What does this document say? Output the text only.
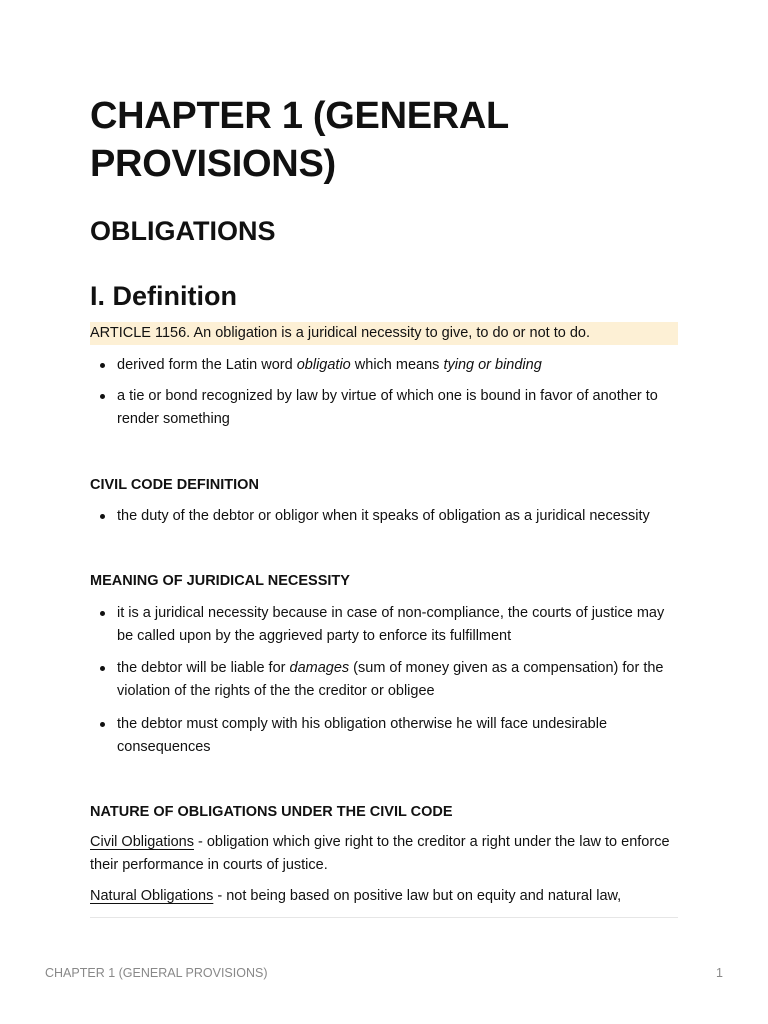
CHAPTER 1 (GENERAL PROVISIONS)
OBLIGATIONS
I. Definition
ARTICLE 1156. An obligation is a juridical necessity to give, to do or not to do.
derived form the Latin word obligatio which means tying or binding
a tie or bond recognized by law by virtue of which one is bound in favor of another to render something
CIVIL CODE DEFINITION
the duty of the debtor or obligor when it speaks of obligation as a juridical necessity
MEANING OF JURIDICAL NECESSITY
it is a juridical necessity because in case of non-compliance, the courts of justice may be called upon by the aggrieved party to enforce its fulfillment
the debtor will be liable for damages (sum of money given as a compensation) for the violation of the rights of the the creditor or obligee
the debtor must comply with his obligation otherwise he will face undesirable consequences
NATURE OF OBLIGATIONS UNDER THE CIVIL CODE
Civil Obligations - obligation which give right to the creditor a right under the law to enforce their performance in courts of justice.
Natural Obligations - not being based on positive law but on equity and natural law,
CHAPTER 1 (GENERAL PROVISIONS)	1
